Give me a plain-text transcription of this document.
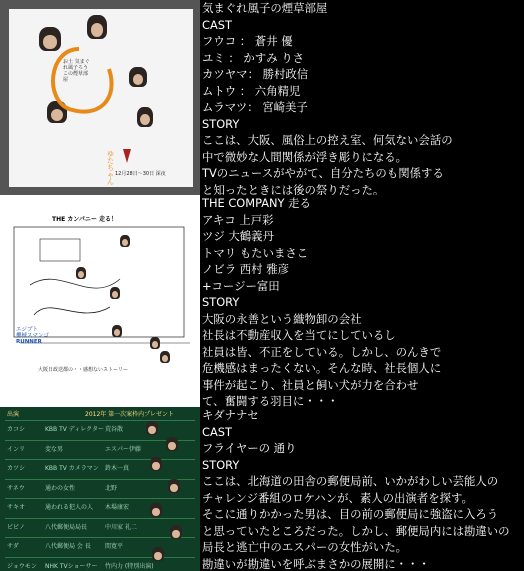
お土 気まぐ
れ風子ろう
この煙草部
屋
ゆ
た
ち
ゃ
ん
12月28日〜30日 深夜
気まぐれ風子の煙草部屋
CAST
フウコ ： 蒼井 優
ユミ ： かすみ りさ
カツヤマ： 勝村政信
ムトウ ： 六角精児
ムラマツ： 宮崎美子
STORY
ここは、大阪、風俗上の控え室、何気ない会話の
中で微妙な人間関係が浮き彫りになる。
TVのニュースがやがて、自分たちのも関係する
と知ったときには後の祭りだった。
THE カンパニー 走る！
エジプト
機械スマンゴ
RUNNER
大阪日政送都の・・感想ないストーリー
THE COMPANY 走る
アキコ 上戸彩
ツジ 大鶴義丹
トマリ もたいまさこ
ノビラ 西村 雅彦
+コージー富田
STORY
大阪の永善という織物卸の会社
社長は不動産収入を当てにしているし
社員は皆、不正をしている。しかし、のんきで
危機感はまったくない。そんな時、社長個人に
事件が起こり、社員と飼い犬が力を合わせ
て、奮闘する羽目に・・・
出演	2012年 第一次案枠内プレゼント
カコシ	KBB TV ディレクター 荒谷散
インリ	変な男	エスパー伊藤
カツシ	KBB TV カメラマン 鈴木一真
サネウ	通わの女性	北野
サキオ	通われる犯人の人 木場康宏
ビビノ	八代郵便局局長	中川家 礼二
サダ	八代郵便局 会 長 間寛平
ジョウモン NHK TVショーサー 竹内力 (特別出演)
キダナナセ
CAST
フライヤーの 通り
STORY
ここは、北海道の田舎の郵便局前、いかがわしい芸能人の
チャレンジ番組のロケハンが、素人の出演者を探す。
そこに通りかかった男は、目の前の郵便局に強盗に入ろう
と思っていたところだった。しかし、郵便局内には勘違いの
局長と逃亡中のエスパーの女性がいた。
勘違いが勘違いを呼ぶまさかの展開に・・・
